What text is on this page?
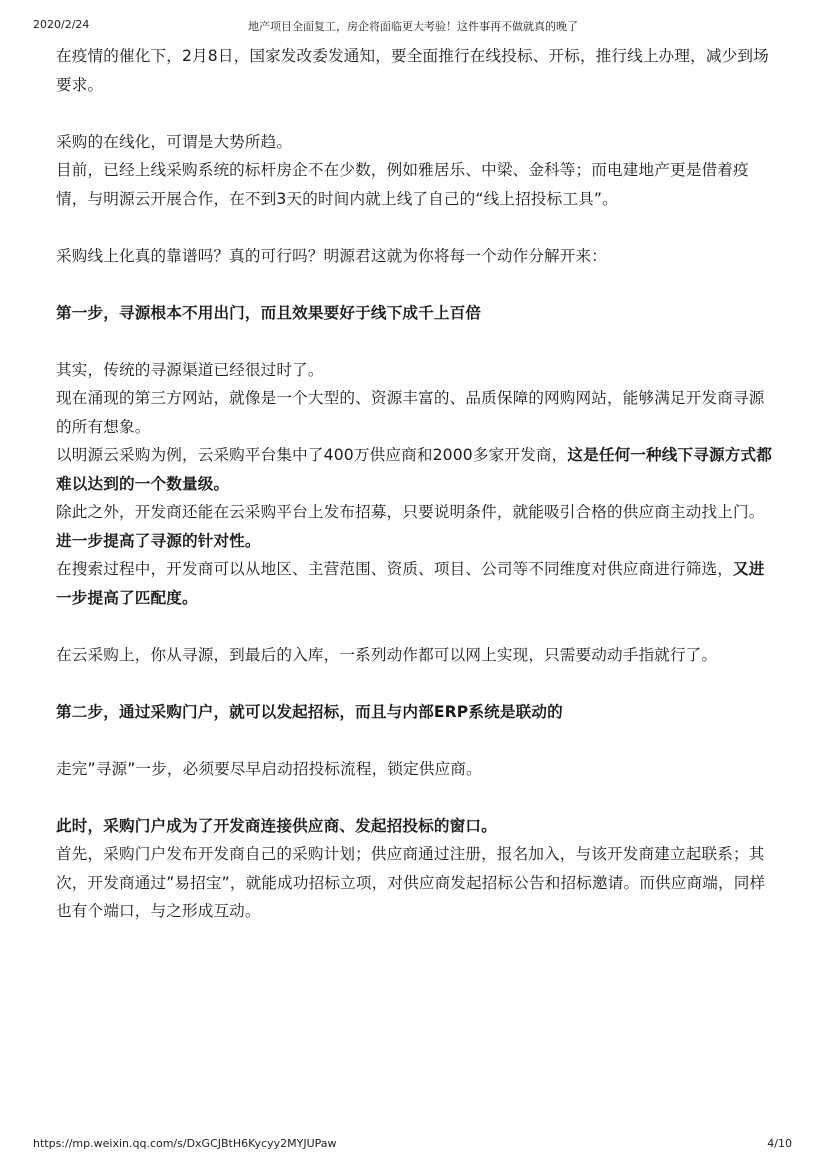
2020/2/24	地产项目全面复工，房企将面临更大考验！这件事再不做就真的晚了

在疫情的催化下，2月8日，国家发改委发通知，要全面推行在线投标、开标，推行线上办理，减少到场要求。

采购的在线化，可谓是大势所趋。

目前，已经上线采购系统的标杆房企不在少数，例如雅居乐、中梁、金科等；而电建地产更是借着疫情，与明源云开展合作，在不到3天的时间内就上线了自己的“线上招投标工具”。

采购线上化真的靠谱吗？真的可行吗？明源君这就为你将每一个动作分解开来：

第一步，寻源根本不用出门，而且效果要好于线下成千上百倍

其实，传统的寻源渠道已经很过时了。

现在涌现的第三方网站，就像是一个大型的、资源丰富的、品质保障的网购网站，能够满足开发商寻源的所有想象。

以明源云采购为例，云采购平台集中了400万供应商和2000多家开发商，这是任何一种线下寻源方式都难以达到的一个数量级。

除此之外，开发商还能在云采购平台上发布招募，只要说明条件，就能吸引合格的供应商主动找上门。进一步提高了寻源的针对性。

在搜索过程中，开发商可以从地区、主营范围、资质、项目、公司等不同维度对供应商进行筛选，又进一步提高了匹配度。

在云采购上，你从寻源，到最后的入库，一系列动作都可以网上实现，只需要动动手指就行了。

第二步，通过采购门户，就可以发起招标，而且与内部ERP系统是联动的

走完”寻源”一步，必须要尽早启动招投标流程，锁定供应商。

此时，采购门户成为了开发商连接供应商、发起招投标的窗口。

首先，采购门户发布开发商自己的采购计划；供应商通过注册，报名加入，与该开发商建立起联系；其次，开发商通过”易招宝”，就能成功招标立项，对供应商发起招标公告和招标邀请。而供应商端，同样也有个端口，与之形成互动。

https://mp.weixin.qq.com/s/DxGCJBtH6Kycyy2MYJUPaw	4/10
